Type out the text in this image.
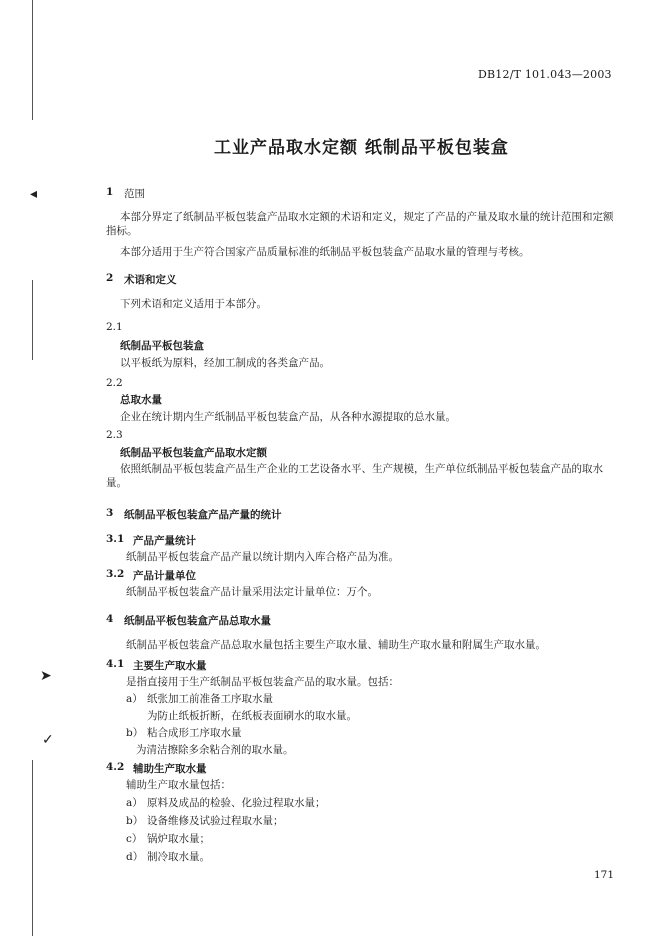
◂
➤
✓
DB12/T 101.043—2003
工业产品取水定额 纸制品平板包装盒
1 范围
本部分界定了纸制品平板包装盒产品取水定额的术语和定义，规定了产品的产量及取水量的统计范围和定额指标。
本部分适用于生产符合国家产品质量标准的纸制品平板包装盒产品取水量的管理与考核。
2 术语和定义
下列术语和定义适用于本部分。
2.1
纸制品平板包装盒
以平板纸为原料，经加工制成的各类盒产品。
2.2
总取水量
企业在统计期内生产纸制品平板包装盒产品，从各种水源提取的总水量。
2.3
纸制品平板包装盒产品取水定额
依照纸制品平板包装盒产品生产企业的工艺设备水平、生产规模，生产单位纸制品平板包装盒产品的取水量。
3 纸制品平板包装盒产品产量的统计
3.1 产品产量统计
纸制品平板包装盒产品产量以统计期内入库合格产品为准。
3.2 产品计量单位
纸制品平板包装盒产品计量采用法定计量单位：万个。
4 纸制品平板包装盒产品总取水量
纸制品平板包装盒产品总取水量包括主要生产取水量、辅助生产取水量和附属生产取水量。
4.1 主要生产取水量
是指直接用于生产纸制品平板包装盒产品的取水量。包括：
a） 纸张加工前准备工序取水量
为防止纸板折断，在纸板表面刷水的取水量。
b） 粘合成形工序取水量
为清洁擦除多余粘合剂的取水量。
4.2 辅助生产取水量
辅助生产取水量包括：
a） 原料及成品的检验、化验过程取水量；
b） 设备维修及试验过程取水量；
c） 锅炉取水量；
d） 制冷取水量。
171
